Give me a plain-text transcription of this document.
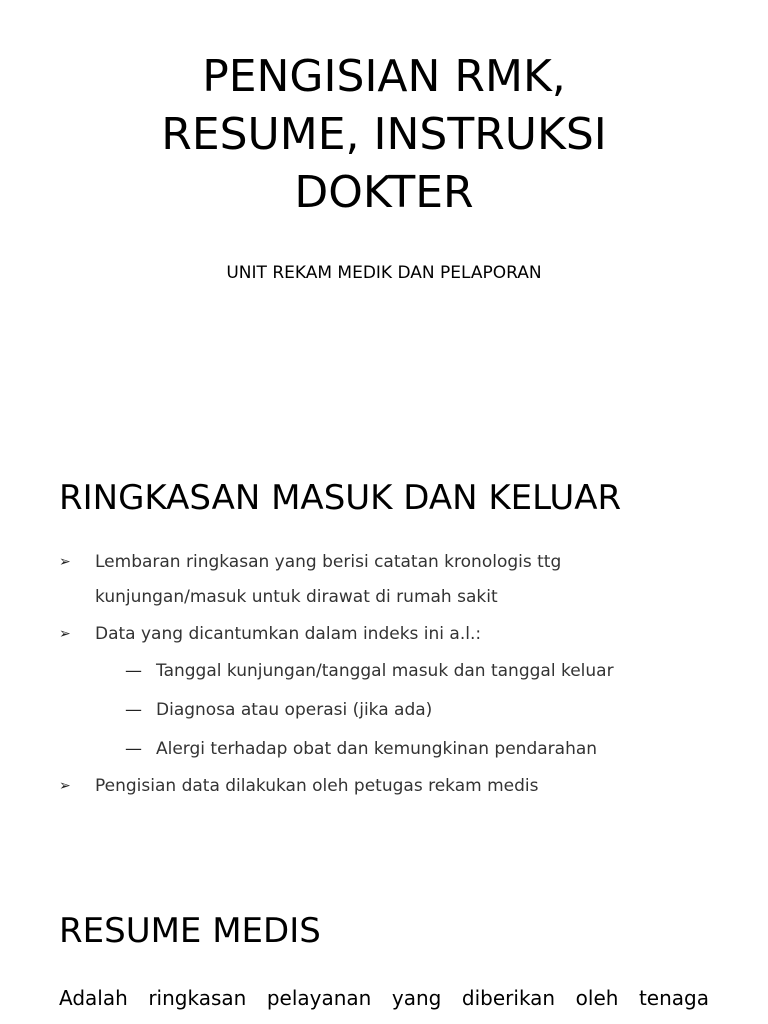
PENGISIAN RMK,
RESUME, INSTRUKSI
DOKTER

UNIT REKAM MEDIK DAN PELAPORAN

RINGKASAN MASUK DAN KELUAR
➢	Lembaran ringkasan yang berisi catatan kronologis ttg
kunjungan/masuk untuk dirawat di rumah sakit
➢	Data yang dicantumkan dalam indeks ini a.l.:
— Tanggal kunjungan/tanggal masuk dan tanggal keluar
— Diagnosa atau operasi (jika ada)
— Alergi terhadap obat dan kemungkinan pendarahan
➢	Pengisian data dilakukan oleh petugas rekam medis
RESUME MEDIS

Adalah ringkasan pelayanan yang diberikan oleh tenaga
